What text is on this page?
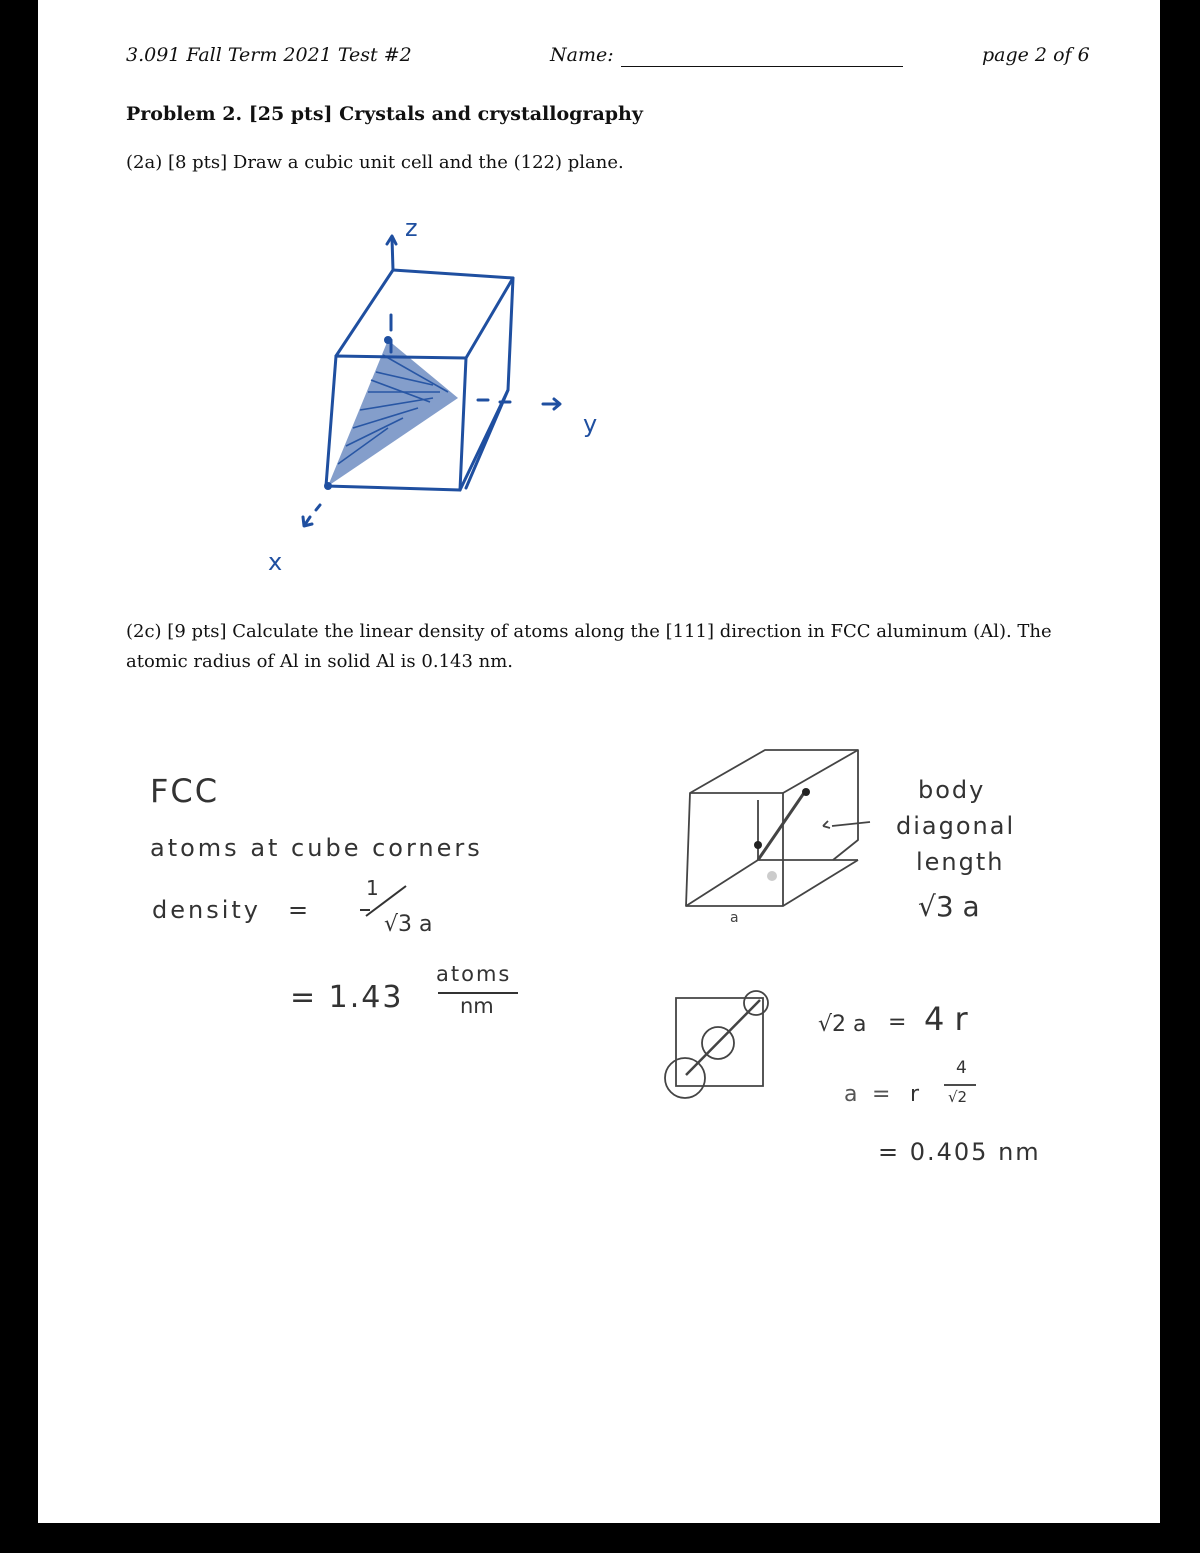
3.091 Fall Term 2021 Test #2	Name:	page 2 of 6
Problem 2. [25 pts] Crystals and crystallography
(2a) [8 pts] Draw a cubic unit cell and the (122) plane.
(2c) [9 pts] Calculate the linear density of atoms along the [111] direction in FCC aluminum (Al). The
atomic radius of Al in solid Al is 0.143 nm.
z
y
x
FCC
atoms at cube corners
density =
1
√3 a
= 1.43
atoms
nm
a
body
diagonal
length
√3 a
√2 a = 4 r
a = r
4
√2
= 0.405 nm
